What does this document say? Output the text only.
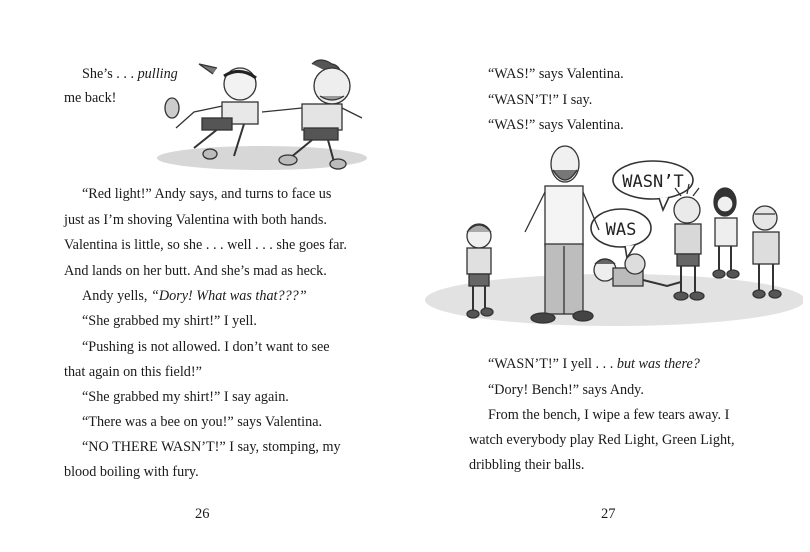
She’s . . . pulling
me back!
“Red light!” Andy says, and turns to face us
just as I’m shoving Valentina with both hands.
Valentina is little, so she . . . well . . . she goes far.
And lands on her butt. And she’s mad as heck.
Andy yells, “Dory! What was that???”
“She grabbed my shirt!” I yell.
“Pushing is not allowed. I don’t want to see
that again on this field!”
“She grabbed my shirt!” I say again.
“There was a bee on you!” says Valentina.
“NO THERE WASN’T!” I say, stomping, my
blood boiling with fury.
26
“WAS!” says Valentina.
“WASN’T!” I say.
“WAS!” says Valentina.
WASN’T
WAS
“WASN’T!” I yell . . . but was there?
“Dory! Bench!” says Andy.
From the bench, I wipe a few tears away. I
watch everybody play Red Light, Green Light,
dribbling their balls.
27
